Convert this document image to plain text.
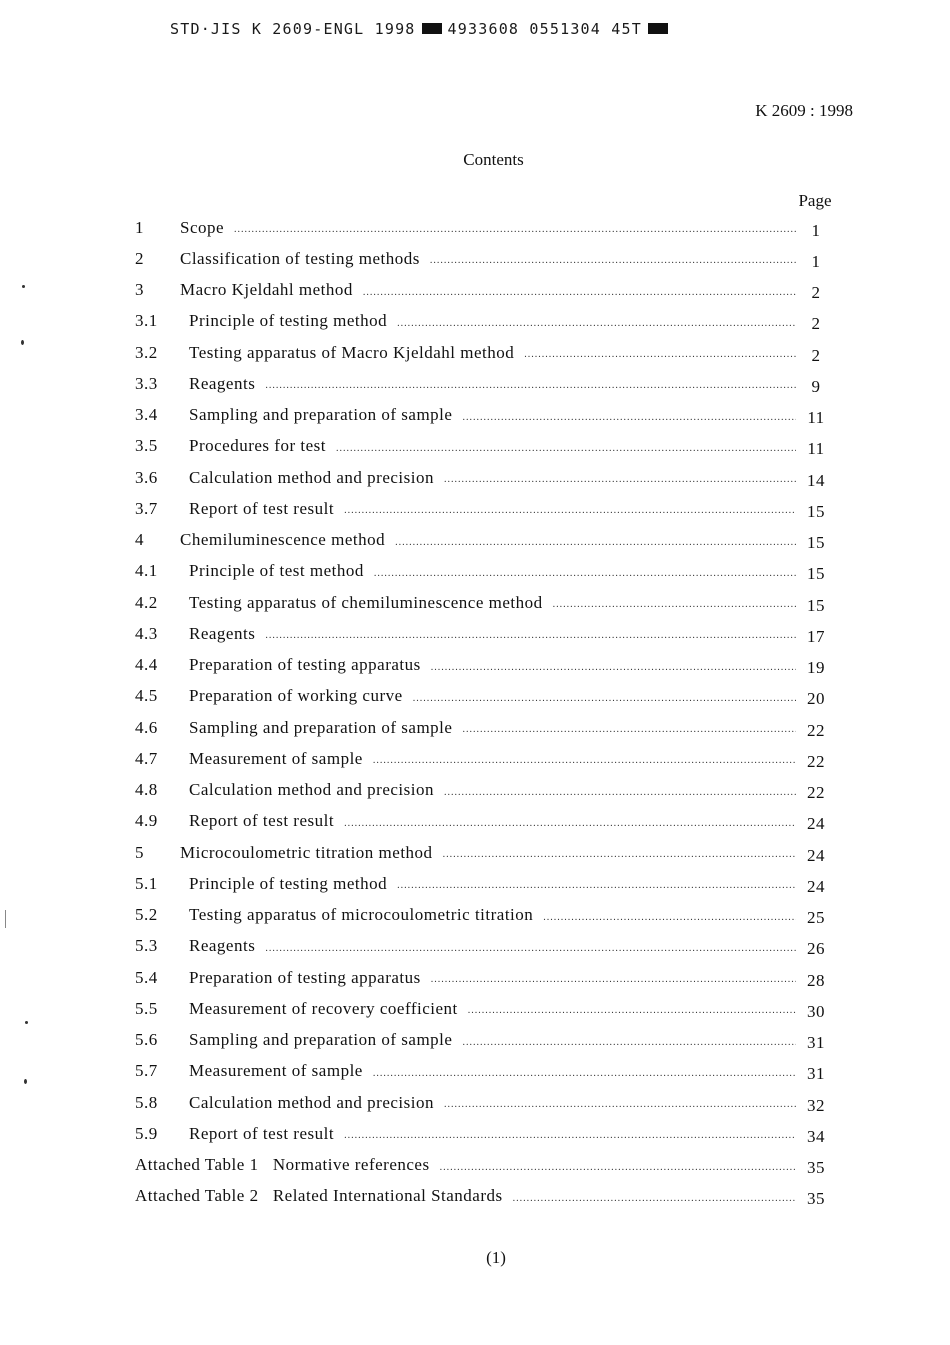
STD·JIS K 2609-ENGL 1998 4933608 0551304 45T
K 2609 : 1998
Contents
Page
1 Scope .....	1
2 Classification of testing methods .....	1
3 Macro Kjeldahl method .....	2
3.1 Principle of testing method .....	2
3.2 Testing apparatus of Macro Kjeldahl method .....	2
3.3 Reagents .....	9
3.4 Sampling and preparation of sample .....	11
3.5 Procedures for test .....	11
3.6 Calculation method and precision .....	14
3.7 Report of test result .....	15
4 Chemiluminescence method .....	15
4.1 Principle of test method .....	15
4.2 Testing apparatus of chemiluminescence method .....	15
4.3 Reagents .....	17
4.4 Preparation of testing apparatus .....	19
4.5 Preparation of working curve .....	20
4.6 Sampling and preparation of sample .....	22
4.7 Measurement of sample .....	22
4.8 Calculation method and precision .....	22
4.9 Report of test result .....	24
5 Microcoulometric titration method .....	24
5.1 Principle of testing method .....	24
5.2 Testing apparatus of microcoulometric titration .....	25
5.3 Reagents .....	26
5.4 Preparation of testing apparatus .....	28
5.5 Measurement of recovery coefficient .....	30
5.6 Sampling and preparation of sample .....	31
5.7 Measurement of sample .....	31
5.8 Calculation method and precision .....	32
5.9 Report of test result .....	34
Attached Table 1   Normative references .....	35
Attached Table 2   Related International Standards .....	35
(1)
